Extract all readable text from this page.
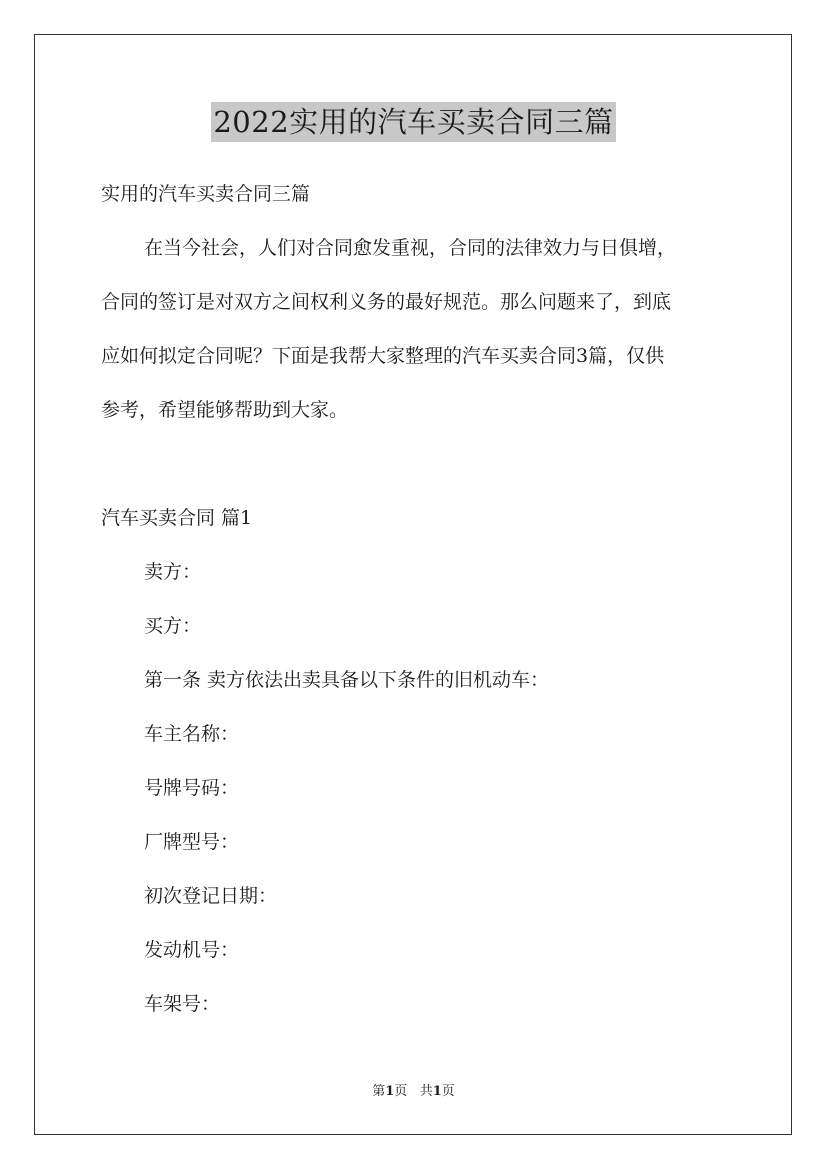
2022实用的汽车买卖合同三篇
实用的汽车买卖合同三篇
在当今社会，人们对合同愈发重视，合同的法律效力与日俱增，
合同的签订是对双方之间权利义务的最好规范。那么问题来了，到底
应如何拟定合同呢？下面是我帮大家整理的汽车买卖合同3篇，仅供
参考，希望能够帮助到大家。
汽车买卖合同 篇1
卖方：
买方：
第一条 卖方依法出卖具备以下条件的旧机动车：
车主名称：
号牌号码：
厂牌型号：
初次登记日期：
发动机号：
车架号：
第1页 共1页
